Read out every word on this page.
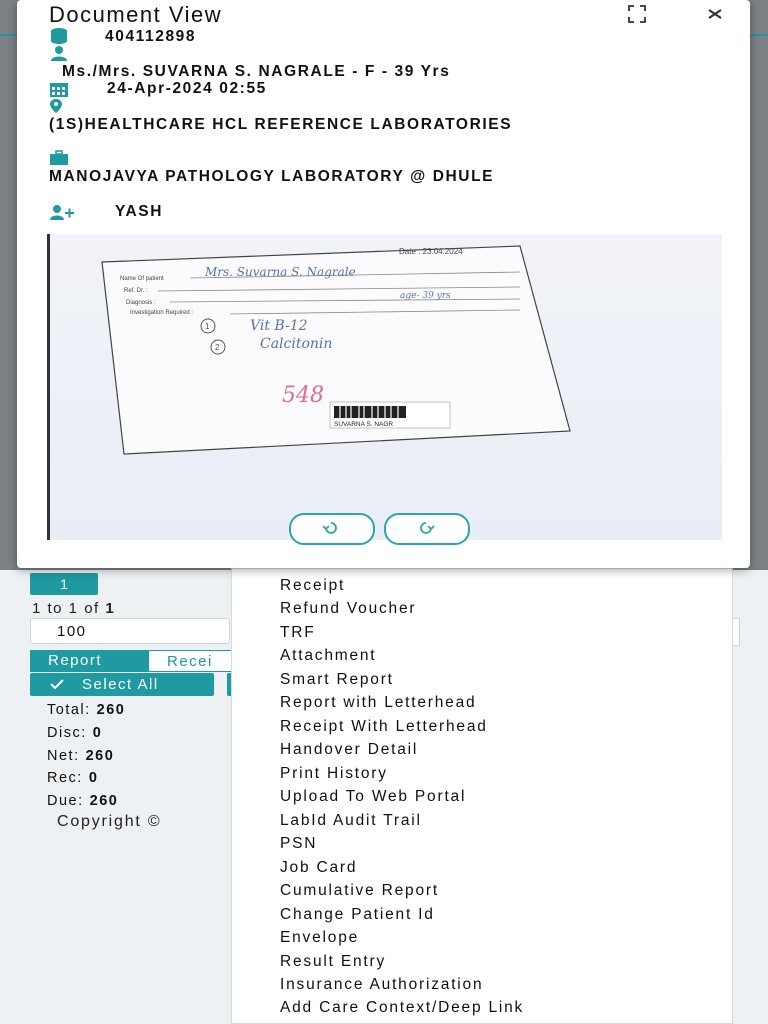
1
1 to 1 of 1
100
Report	Recei
Select All
Total: 260
Disc: 0
Net: 260
Rec: 0
Due: 260
Copyright ©
Receipt
Refund Voucher
TRF
Attachment
Smart Report
Report with Letterhead
Receipt With Letterhead
Handover Detail
Print History
Upload To Web Portal
LabId Audit Trail
PSN
Job Card
Cumulative Report
Change Patient Id
Envelope
Result Entry
Insurance Authorization
Add Care Context/Deep Link
Document View
404112898
Ms./Mrs. SUVARNA S. NAGRALE - F - 39 Yrs
24-Apr-2024 02:55
(1S)HEALTHCARE HCL REFERENCE LABORATORIES
MANOJAVYA PATHOLOGY LABORATORY @ DHULE
YASH
Date : 23.04.2024
Name Of patient	Mrs. Suvarna S. Nagrale
Ref. Dr. :
Diagnosis :
age- 39 yrs
Investigation Required :
1	Vit B-12
2	Calcitonin
548
SUVARNA S. NAGR
